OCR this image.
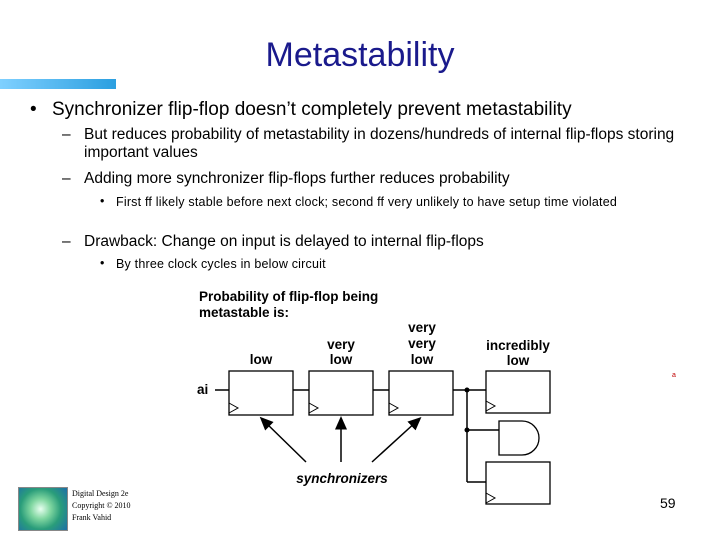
Metastability
• Synchronizer flip-flop doesn’t completely prevent metastability
– But reduces probability of metastability in dozens/hundreds of internal flip-flops storing important values
– Adding more synchronizer flip-flops further reduces probability
• First ff likely stable before next clock; second ff very unlikely to have setup time violated
– Drawback: Change on input is delayed to internal flip-flops
• By three clock cycles in below circuit
Probability of flip-flop being
metastable is:
low
very
low
very
very
low
incredibly
low
ai
synchronizers
a
Digital Design 2e
Copyright © 2010
Frank Vahid
59
